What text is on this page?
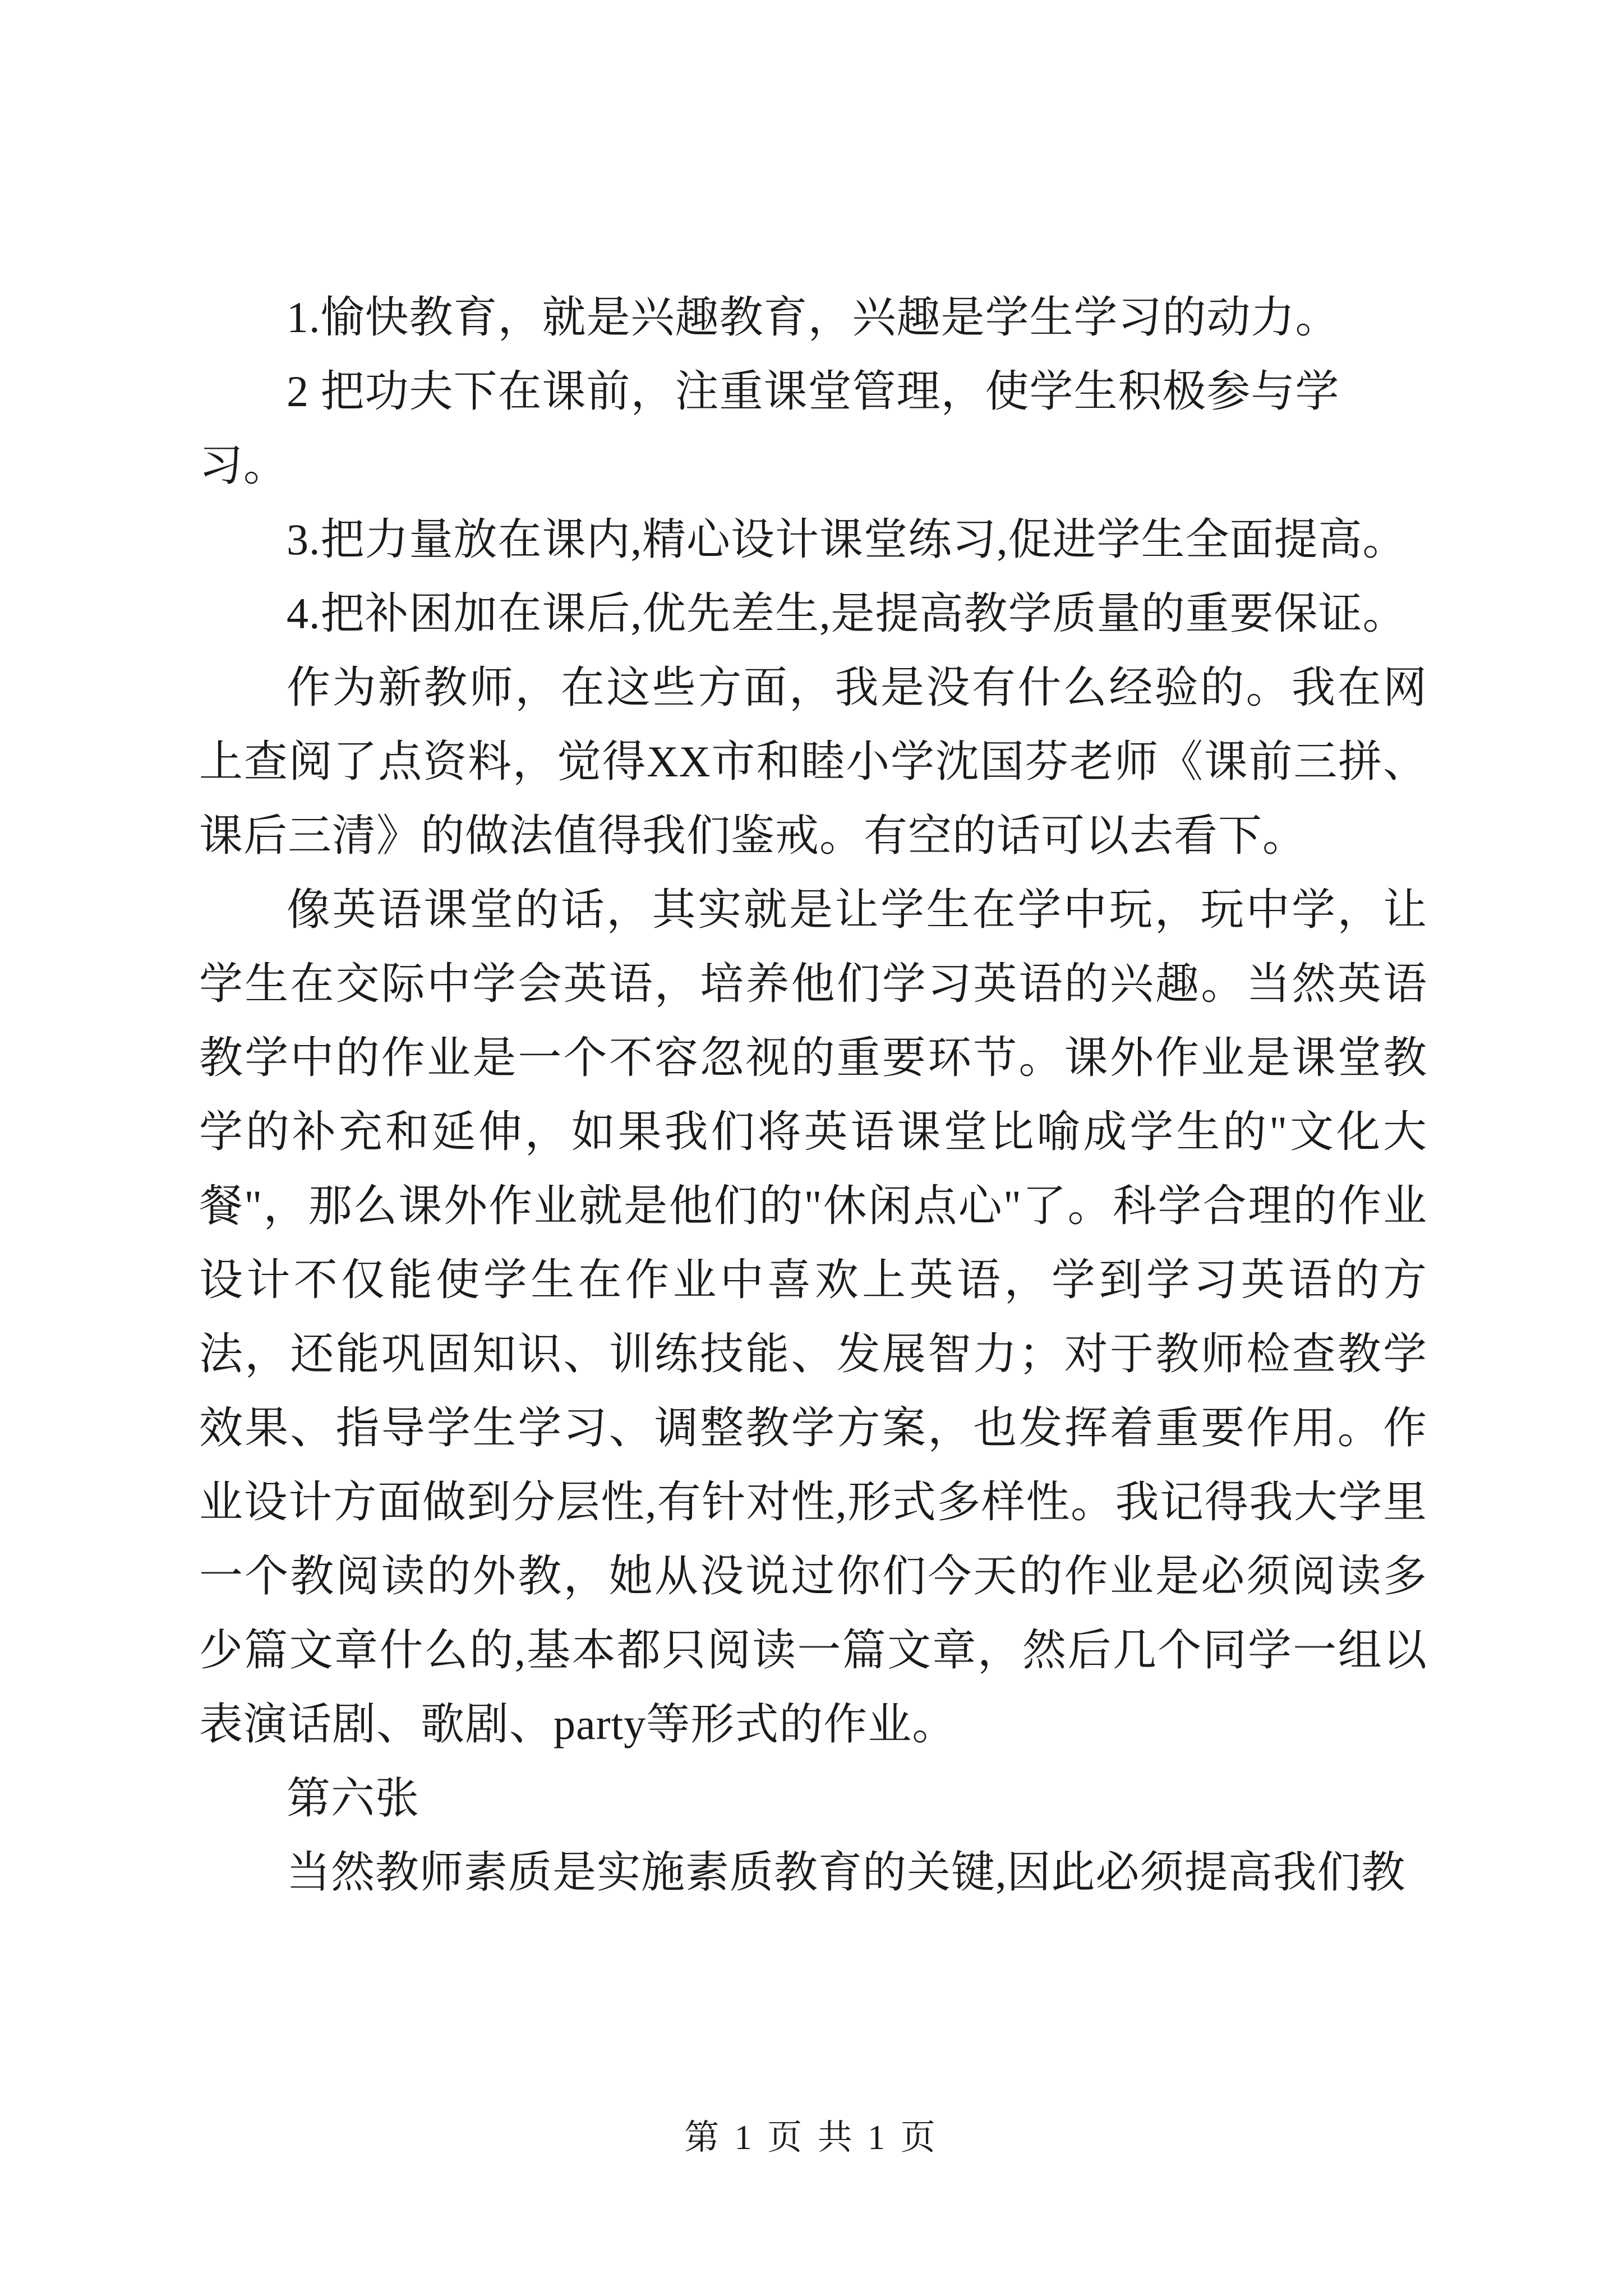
1.愉快教育，就是兴趣教育，兴趣是学生学习的动力。

2 把功夫下在课前，注重课堂管理，使学生积极参与学习。

3.把力量放在课内,精心设计课堂练习,促进学生全面提高。

4.把补困加在课后,优先差生,是提高教学质量的重要保证。

作为新教师，在这些方面，我是没有什么经验的。我在网上查阅了点资料，觉得XX市和睦小学沈国芬老师《课前三拼、课后三清》的做法值得我们鉴戒。有空的话可以去看下。

像英语课堂的话，其实就是让学生在学中玩，玩中学，让学生在交际中学会英语，培养他们学习英语的兴趣。当然英语教学中的作业是一个不容忽视的重要环节。课外作业是课堂教学的补充和延伸，如果我们将英语课堂比喻成学生的"文化大餐"，那么课外作业就是他们的"休闲点心"了。科学合理的作业设计不仅能使学生在作业中喜欢上英语，学到学习英语的方法，还能巩固知识、训练技能、发展智力；对于教师检查教学效果、指导学生学习、调整教学方案，也发挥着重要作用。作业设计方面做到分层性,有针对性,形式多样性。我记得我大学里一个教阅读的外教，她从没说过你们今天的作业是必须阅读多少篇文章什么的,基本都只阅读一篇文章，然后几个同学一组以表演话剧、歌剧、party等形式的作业。

第六张

当然教师素质是实施素质教育的关键,因此必须提高我们教

第 1 页 共 1 页
